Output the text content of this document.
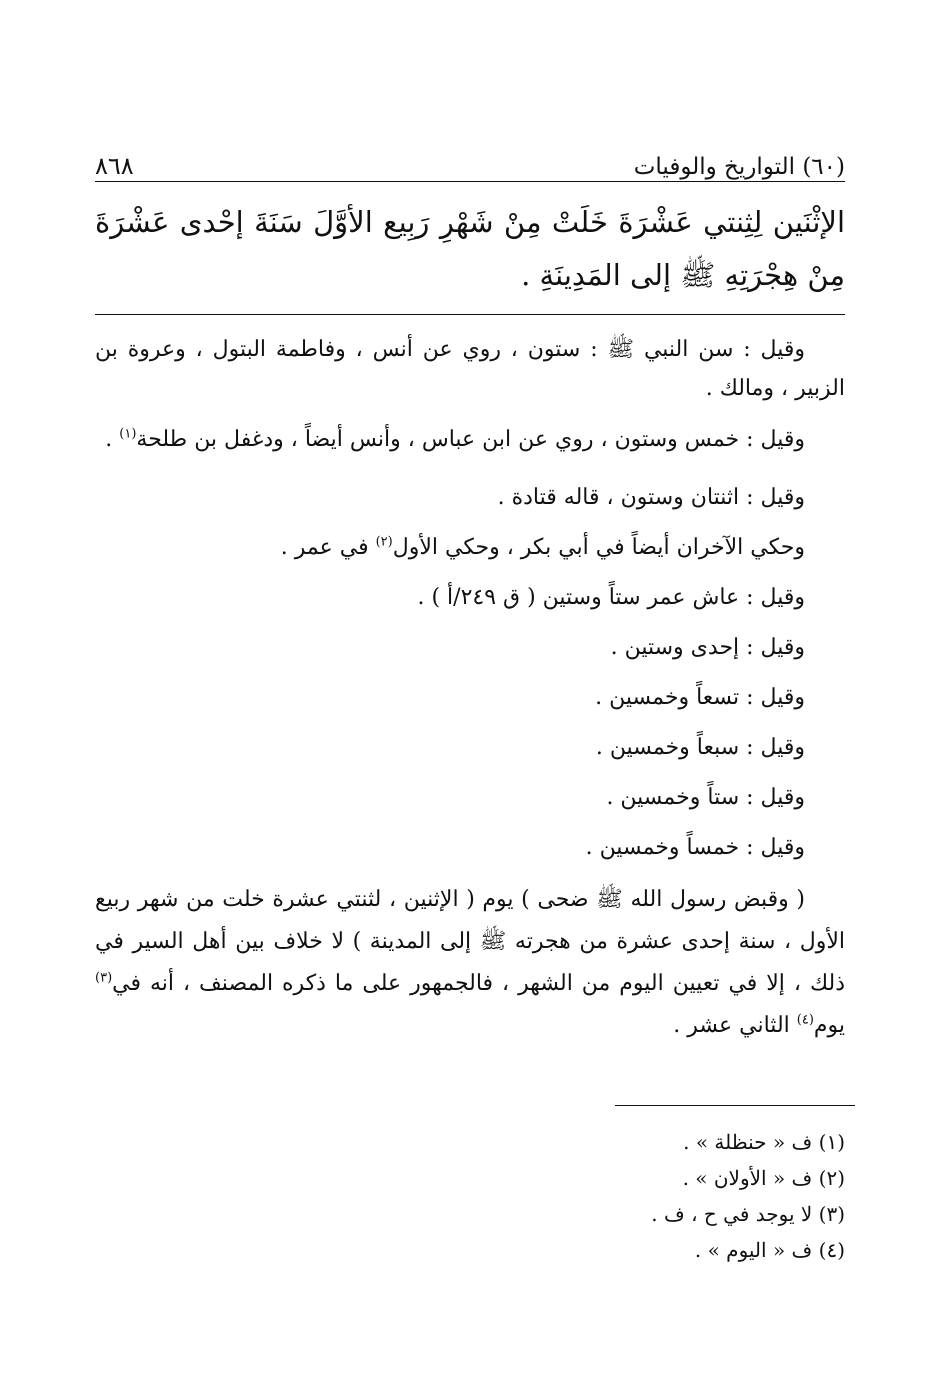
(٦٠) التواريخ والوفيات
٨٦٨
الإثْنَين لِثِنتي عَشْرَةَ خَلَتْ مِنْ شَهْرِ رَبِيع الأوَّلَ سَنَةَ إحْدى عَشْرَةَ مِنْ هِجْرَتِهِ ﷺ إلى المَدِينَةِ .

وقيل : سن النبي ﷺ : ستون ، روي عن أنس ، وفاطمة البتول ، وعروة بن الزبير ، ومالك .

وقيل : خمس وستون ، روي عن ابن عباس ، وأنس أيضاً ، ودغفل بن طلحة$^{(١)}$ .

وقيل : اثنتان وستون ، قاله قتادة .

وحكي الآخران أيضاً في أبي بكر ، وحكي الأول$^{(٢)}$ في عمر .

وقيل : عاش عمر ستاً وستين ( ق ٢٤٩/أ ) .

وقيل : إحدى وستين .

وقيل : تسعاً وخمسين .

وقيل : سبعاً وخمسين .

وقيل : ستاً وخمسين .

وقيل : خمساً وخمسين .

( وقبض رسول الله ﷺ ضحى ) يوم ( الإثنين ، لثنتي عشرة خلت من شهر ربيع الأول ، سنة إحدى عشرة من هجرته ﷺ إلى المدينة ) لا خلاف بين أهل السير في ذلك ، إلا في تعيين اليوم من الشهر ، فالجمهور على ما ذكره المصنف ، أنه في$^{(٣)}$ يوم$^{(٤)}$ الثاني عشر .

(١) ف « حنظلة » .
(٢) ف « الأولان » .
(٣) لا يوجد في ح ، ف .
(٤) ف « اليوم » .
